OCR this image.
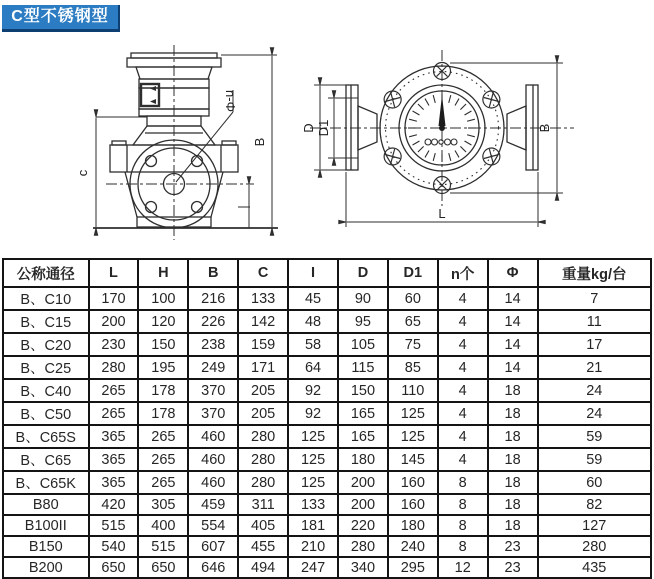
C型不锈钢型
c
B
n-Φ
D D1	B
L
公称通径	L	H	B	C	I	D	D1	n个	Φ	重量kg/台
B、C10	170	100	216	133	45	90	60	4	14	7
B、C15	200	120	226	142	48	95	65	4	14	11
B、C20	230	150	238	159	58	105	75	4	14	17
B、C25	280	195	249	171	64	115	85	4	14	21
B、C40	265	178	370	205	92	150	110	4	18	24
B、C50	265	178	370	205	92	165	125	4	18	24
B、C65S	365	265	460	280	125	165	125	4	18	59
B、C65	365	265	460	280	125	180	145	4	18	59
B、C65K	365	265	460	280	125	200	160	8	18	60
B80	420	305	459	311	133	200	160	8	18	82
B100II	515	400	554	405	181	220	180	8	18	127
B150	540	515	607	455	210	280	240	8	23	280
B200	650	650	646	494	247	340	295	12	23	435
